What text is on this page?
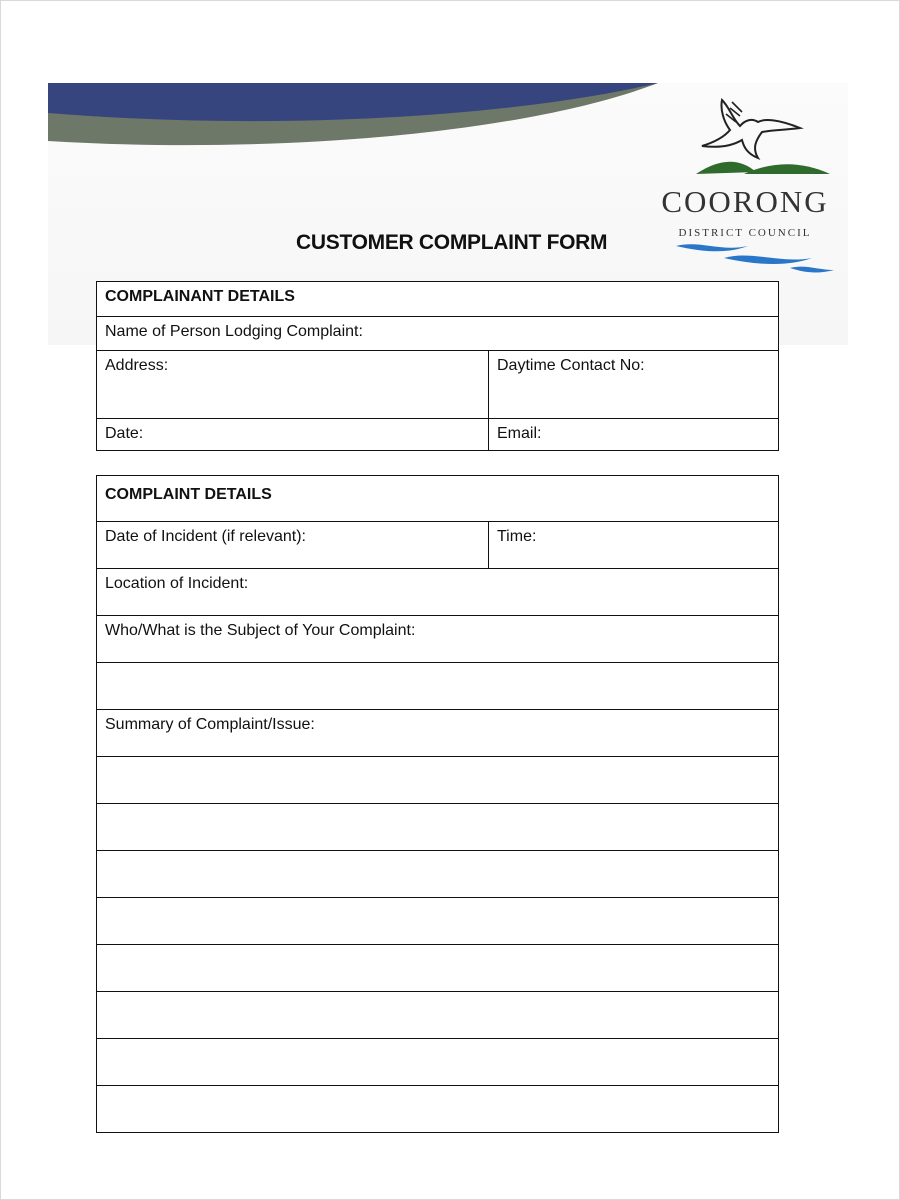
COORONG
DISTRICT COUNCIL
CUSTOMER COMPLAINT FORM
COMPLAINANT DETAILS
Name of Person Lodging Complaint:
Address:	Daytime Contact No:
Date:	Email:
COMPLAINT DETAILS
Date of Incident (if relevant):	Time:
Location of Incident:
Who/What is the Subject of Your Complaint:
Summary of Complaint/Issue:
